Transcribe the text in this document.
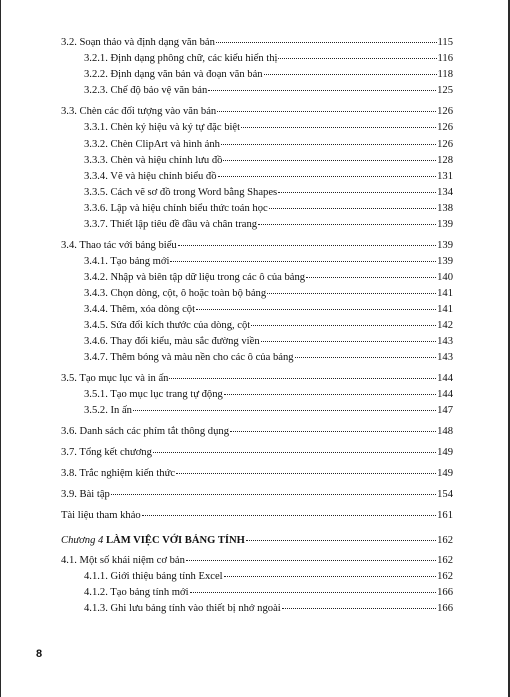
3.2. Soạn thảo và định dạng văn bản	115
3.2.1. Định dạng phông chữ, các kiểu hiển thị	116
3.2.2. Định dạng văn bản và đoạn văn bản	118
3.2.3. Chế độ bảo vệ văn bản	125
3.3. Chèn các đối tượng vào văn bản	126
3.3.1. Chèn ký hiệu và ký tự đặc biệt	126
3.3.2. Chèn ClipArt và hình ảnh	126
3.3.3. Chèn và hiệu chỉnh lưu đồ	128
3.3.4. Vẽ và hiệu chỉnh biểu đồ	131
3.3.5. Cách vẽ sơ đồ trong Word bằng Shapes	134
3.3.6. Lập và hiệu chỉnh biểu thức toán học	138
3.3.7. Thiết lập tiêu đề đầu và chân trang	139
3.4. Thao tác với bảng biểu	139
3.4.1. Tạo bảng mới	139
3.4.2. Nhập và biên tập dữ liệu trong các ô của bảng	140
3.4.3. Chọn dòng, cột, ô hoặc toàn bộ bảng	141
3.4.4. Thêm, xóa dòng cột	141
3.4.5. Sửa đổi kích thước của dòng, cột	142
3.4.6. Thay đổi kiểu, màu sắc đường viền	143
3.4.7. Thêm bóng và màu nền cho các ô của bảng	143
3.5. Tạo mục lục và in ấn	144
3.5.1. Tạo mục lục trang tự động	144
3.5.2. In ấn	147
3.6. Danh sách các phím tắt thông dụng	148
3.7. Tổng kết chương	149
3.8. Trắc nghiệm kiến thức	149
3.9. Bài tập	154
Tài liệu tham khảo	161
Chương 4 LÀM VIỆC VỚI BẢNG TÍNH	162
4.1. Một số khái niệm cơ bản	162
4.1.1. Giới thiệu bảng tính Excel	162
4.1.2. Tạo bảng tính mới	166
4.1.3. Ghi lưu bảng tính vào thiết bị nhớ ngoài	166
8
